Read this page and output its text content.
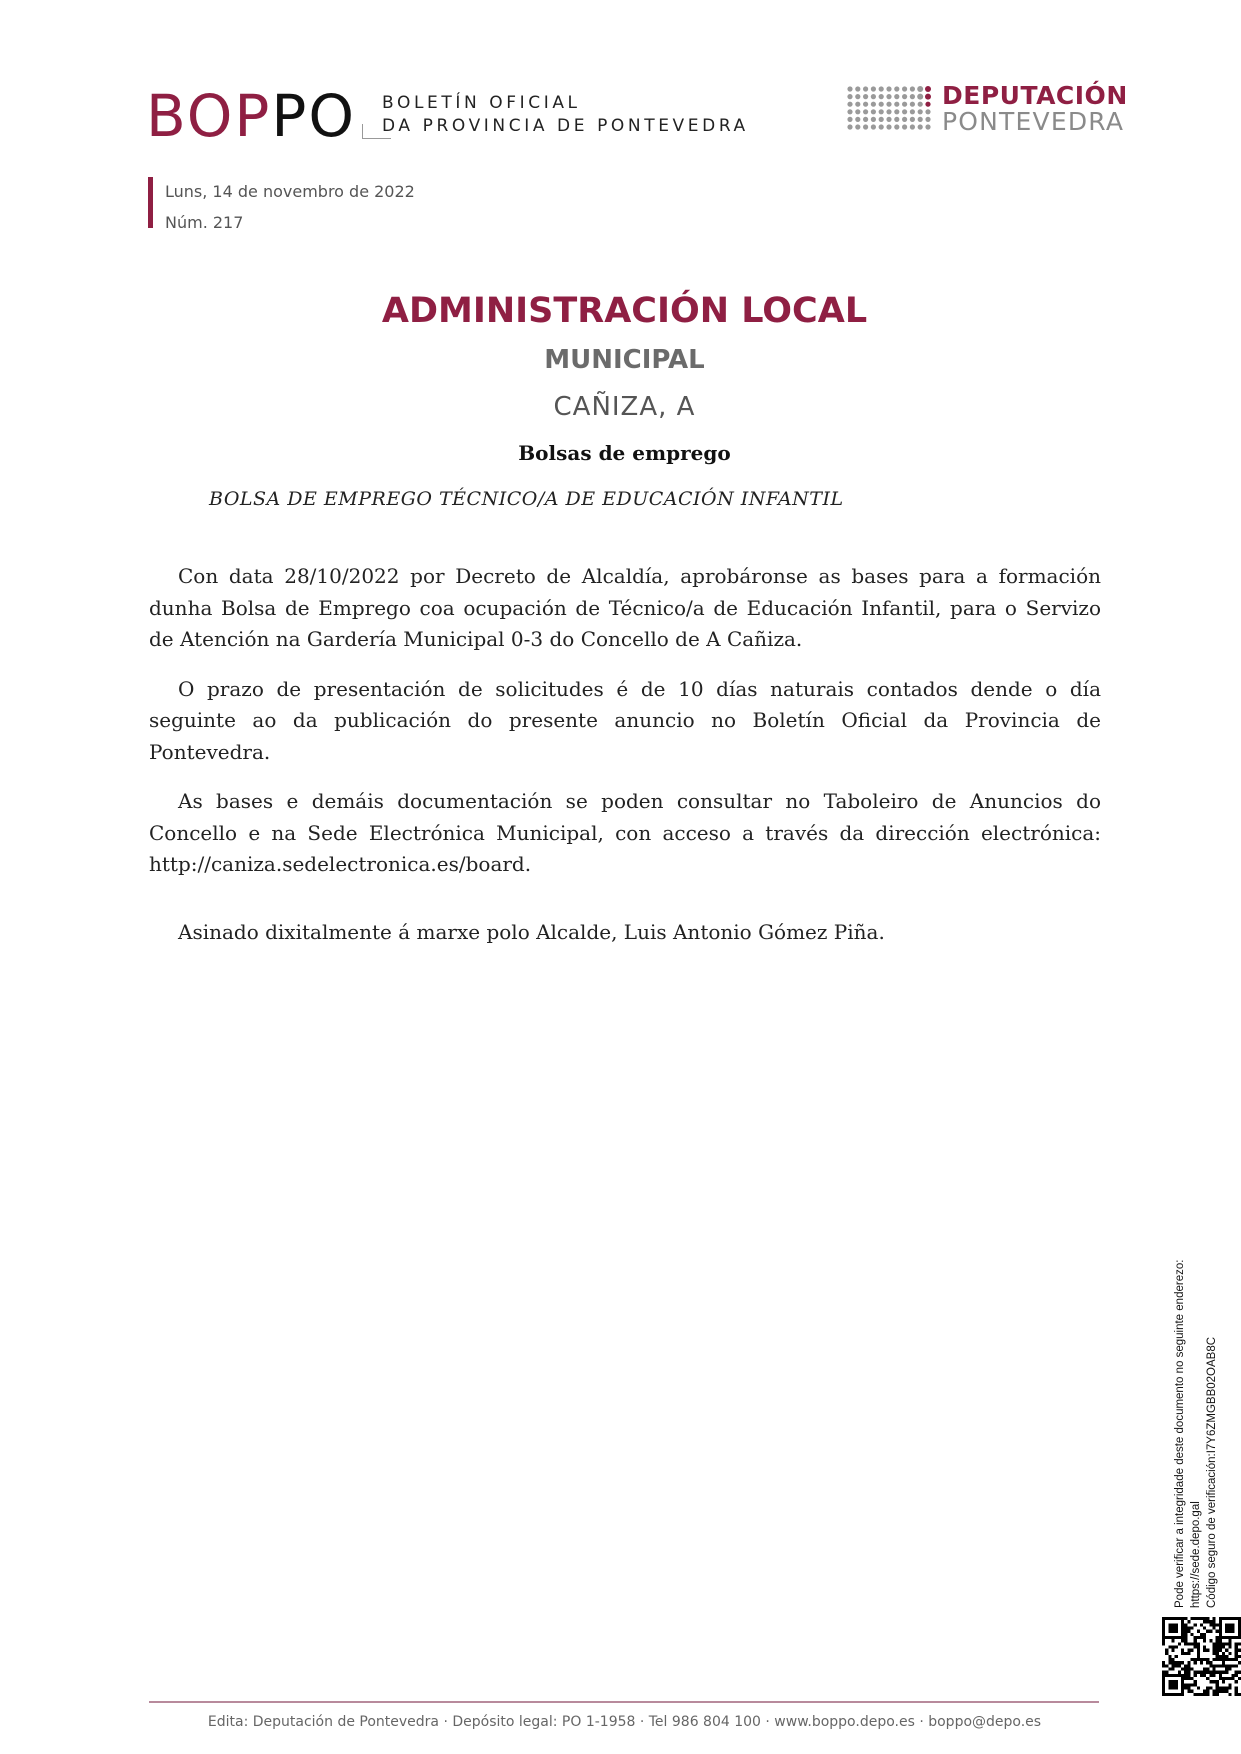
BOPPO BOLETÍN OFICIAL
DA PROVINCIA DE PONTEVEDRA
DEPUTACIÓN
PONTEVEDRA
Luns, 14 de novembro de 2022
Núm. 217
ADMINISTRACIÓN LOCAL
MUNICIPAL
CAÑIZA, A
Bolsas de emprego
BOLSA DE EMPREGO TÉCNICO/A DE EDUCACIÓN INFANTIL

Con data 28/10/2022 por Decreto de Alcaldía, aprobáronse as bases para a formación dunha Bolsa de Emprego coa ocupación de Técnico/a de Educación Infantil, para o Servizo de Atención na Gardería Municipal 0-3 do Concello de A Cañiza.

O prazo de presentación de solicitudes é de 10 días naturais contados dende o día seguinte ao da publicación do presente anuncio no Boletín Oficial da Provincia de Pontevedra.

As bases e demáis documentación se poden consultar no Taboleiro de Anuncios do Concello e na Sede Electrónica Municipal, con acceso a través da dirección electrónica: http://caniza.sedelectronica.es/board.

Asinado dixitalmente á marxe polo Alcalde, Luis Antonio Gómez Piña.

Pode verificar a integridade deste documento no seguinte enderezo: https://sede.depo.gal Código seguro de verificación:I7Y6ZMGBB02OAB8C
Edita: Deputación de Pontevedra · Depósito legal: PO 1-1958 · Tel 986 804 100 · www.boppo.depo.es · boppo@depo.es
